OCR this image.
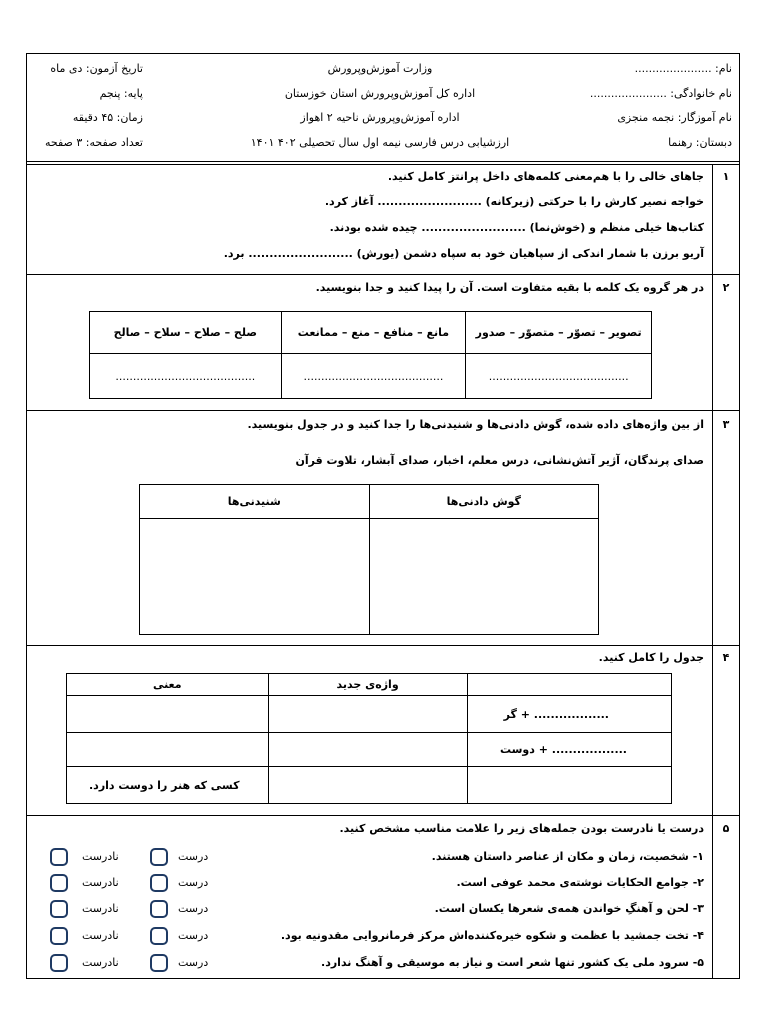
نام: ......................
نام خانوادگی: ......................
نام آموزگار: نجمه منجزی
دبستان: رهنما
وزارت آموزش‌وپرورش
اداره کل آموزش‌وپرورش استان خوزستان
اداره آموزش‌وپرورش ناحیه ۲ اهواز
ارزشیابی درس فارسی نیمه اول سال تحصیلی ۴۰۲ ۱۴۰۱
تاریخ آزمون: دی ماه
پایه: پنجم
زمان: ۴۵ دقیقه
تعداد صفحه: ۳ صفحه
۱
جاهای خالی را با هم‌معنی کلمه‌های داخل پرانتز کامل کنید.
خواجه نصیر کارش را با حرکتی (زیرکانه) ......................... آغاز کرد.
کتاب‌ها خیلی منظم و (خوش‌نما) ......................... چیده شده بودند.
آریو برزن با شمار اندکی از سپاهیان خود به سپاه دشمن (یورش) ......................... برد.
۲
در هر گروه یک کلمه با بقیه متفاوت است. آن را پیدا کنید و جدا بنویسید.
تصویر – تصوّر – متصوّر – صدور	مانع – منافع – منع – ممانعت	صلح – صلاح – سلاح – صالح
........................................	........................................	........................................
۳
از بین واژه‌های داده شده، گوش دادنی‌ها و شنیدنی‌ها را جدا کنید و در جدول بنویسید.
صدای پرندگان، آژیر آتش‌نشانی، درس معلم، اخبار، صدای آبشار، تلاوت قرآن
گوش دادنی‌ها	شنیدنی‌ها

۴
جدول را کامل کنید.
	واژه‌ی جدید	معنی
.................. + گر		
.................. + دوست		
		کسی که هنر را دوست دارد.
۵
درست یا نادرست بودن جمله‌های زیر را علامت مناسب مشخص کنید.
۱- شخصیت، زمان و مکان از عناصر داستان هستند.
درست
نادرست
۲- جوامع الحکایات نوشته‌ی محمد عوفی است.
درست
نادرست
۳- لحن و آهنگِ خواندن همه‌ی شعرها یکسان است.
درست
نادرست
۴- تخت جمشید با عظمت و شکوه خیره‌کننده‌اش مرکز فرمانروایی مقدونیه بود.
درست
نادرست
۵- سرود ملی یک کشور تنها شعر است و نیاز به موسیقی و آهنگ ندارد.
درست
نادرست
